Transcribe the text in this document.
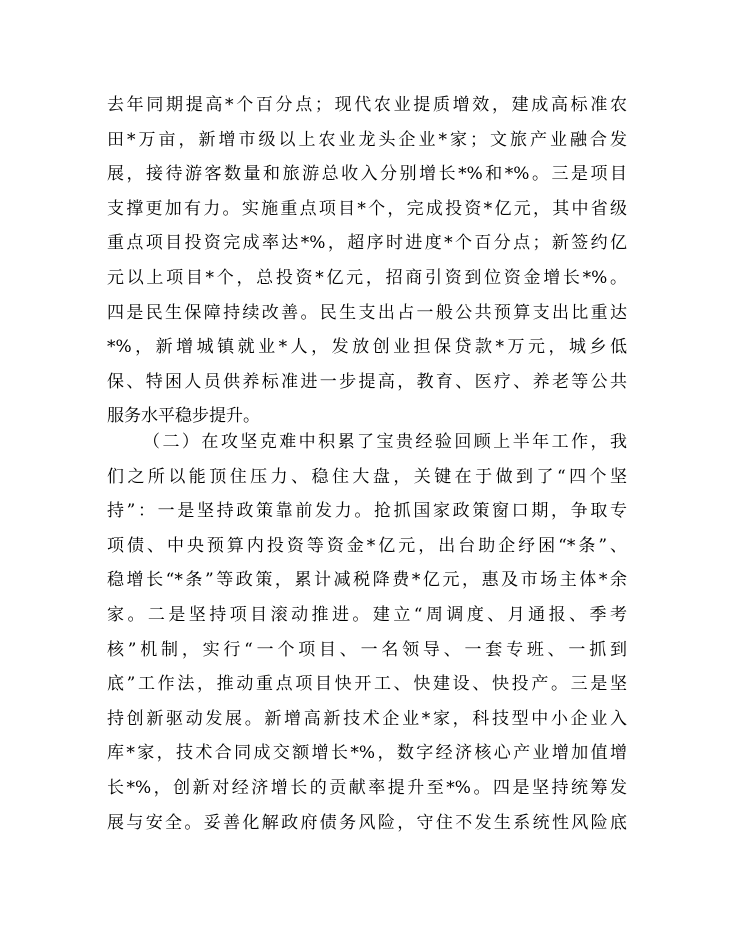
去年同期提高*个百分点；现代农业提质增效，建成高标准农
田*万亩，新增市级以上农业龙头企业*家；文旅产业融合发
展，接待游客数量和旅游总收入分别增长*%和*%。三是项目
支撑更加有力。实施重点项目*个，完成投资*亿元，其中省级
重点项目投资完成率达*%，超序时进度*个百分点；新签约亿
元以上项目*个，总投资*亿元，招商引资到位资金增长*%。
四是民生保障持续改善。民生支出占一般公共预算支出比重达
*%，新增城镇就业*人，发放创业担保贷款*万元，城乡低
保、特困人员供养标准进一步提高，教育、医疗、养老等公共
服务水平稳步提升。
（二）在攻坚克难中积累了宝贵经验回顾上半年工作，我
们之所以能顶住压力、稳住大盘，关键在于做到了“四个坚
持”：一是坚持政策靠前发力。抢抓国家政策窗口期，争取专
项债、中央预算内投资等资金*亿元，出台助企纾困“*条”、
稳增长“*条”等政策，累计减税降费*亿元，惠及市场主体*余
家。二是坚持项目滚动推进。建立“周调度、月通报、季考
核”机制，实行“一个项目、一名领导、一套专班、一抓到
底”工作法，推动重点项目快开工、快建设、快投产。三是坚
持创新驱动发展。新增高新技术企业*家，科技型中小企业入
库*家，技术合同成交额增长*%，数字经济核心产业增加值增
长*%，创新对经济增长的贡献率提升至*%。四是坚持统筹发
展与安全。妥善化解政府债务风险，守住不发生系统性风险底
